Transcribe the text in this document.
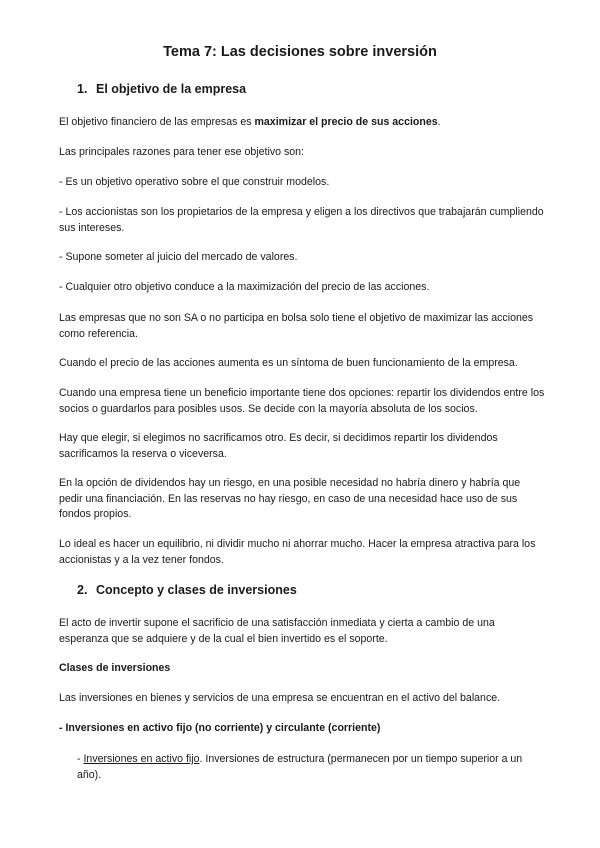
Tema 7: Las decisiones sobre inversión
1. El objetivo de la empresa

El objetivo financiero de las empresas es maximizar el precio de sus acciones.

Las principales razones para tener ese objetivo son:

- Es un objetivo operativo sobre el que construir modelos.

- Los accionistas son los propietarios de la empresa y eligen a los directivos que trabajarán cumpliendo sus intereses.

- Supone someter al juicio del mercado de valores.

- Cualquier otro objetivo conduce a la maximización del precio de las acciones.

Las empresas que no son SA o no participa en bolsa solo tiene el objetivo de maximizar las acciones como referencia.

Cuando el precio de las acciones aumenta es un síntoma de buen funcionamiento de la empresa.

Cuando una empresa tiene un beneficio importante tiene dos opciones: repartir los dividendos entre los socios o guardarlos para posibles usos. Se decide con la mayoría absoluta de los socios.

Hay que elegir, si elegimos no sacrificamos otro. Es decir, si decidimos repartir los dividendos sacrificamos la reserva o viceversa.

En la opción de dividendos hay un riesgo, en una posible necesidad no habría dinero y habría que pedir una financiación. En las reservas no hay riesgo, en caso de una necesidad hace uso de sus fondos propios.

Lo ideal es hacer un equilibrio, ni dividir mucho ni ahorrar mucho. Hacer la empresa atractiva para los accionistas y a la vez tener fondos.

2. Concepto y clases de inversiones

El acto de invertir supone el sacrificio de una satisfacción inmediata y cierta a cambio de una esperanza que se adquiere y de la cual el bien invertido es el soporte.

Clases de inversiones

Las inversiones en bienes y servicios de una empresa se encuentran en el activo del balance.

- Inversiones en activo fijo (no corriente) y circulante (corriente)

- Inversiones en activo fijo. Inversiones de estructura (permanecen por un tiempo superior a un año).
